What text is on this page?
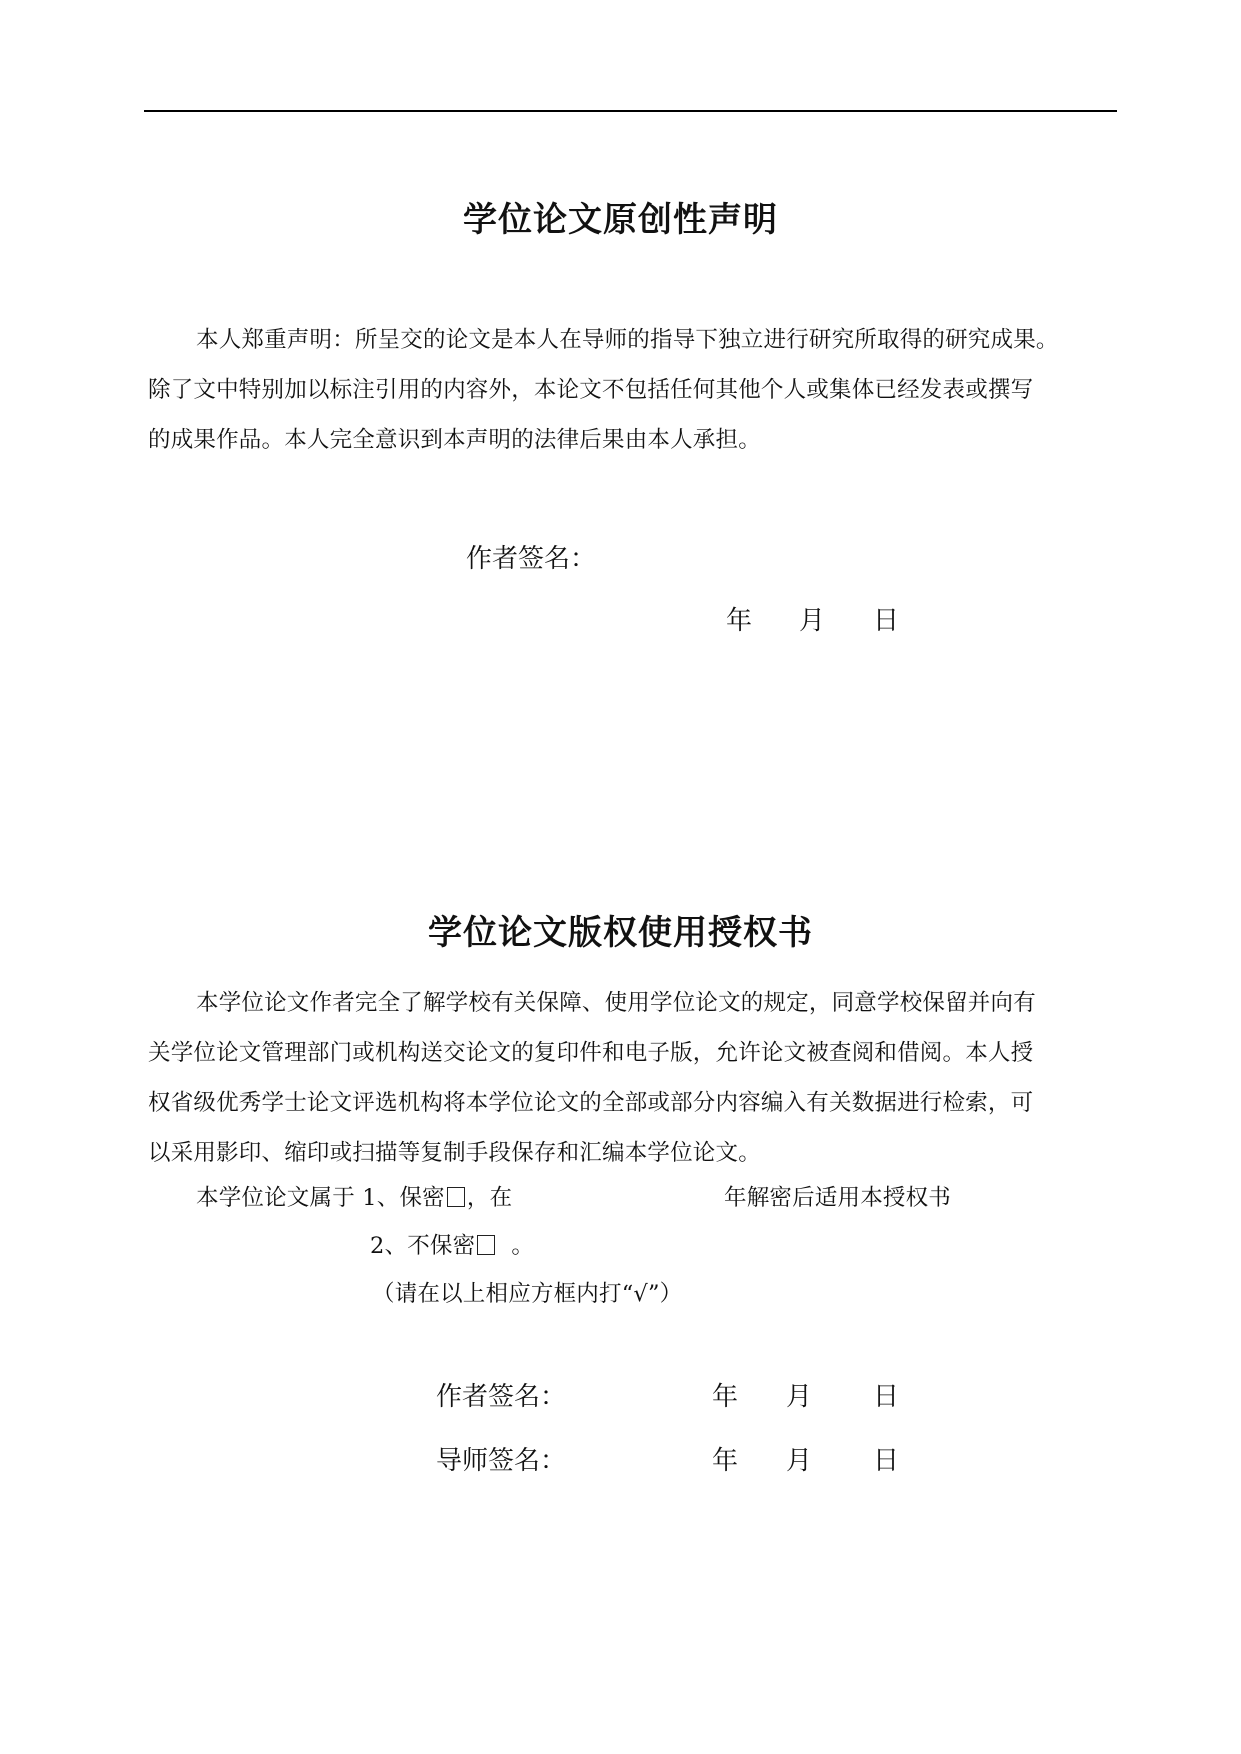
学位论文原创性声明
本人郑重声明：所呈交的论文是本人在导师的指导下独立进行研究所取得的研究成果。
除了文中特别加以标注引用的内容外，本论文不包括任何其他个人或集体已经发表或撰写
的成果作品。本人完全意识到本声明的法律后果由本人承担。
作者签名：
年 月 日
学位论文版权使用授权书
本学位论文作者完全了解学校有关保障、使用学位论文的规定，同意学校保留并向有
关学位论文管理部门或机构送交论文的复印件和电子版，允许论文被查阅和借阅。本人授
权省级优秀学士论文评选机构将本学位论文的全部或部分内容编入有关数据进行检索，可
以采用影印、缩印或扫描等复制手段保存和汇编本学位论文。
本学位论文属于 1、保密 ，在	年解密后适用本授权书
2、不保密 。
（请在以上相应方框内打“√”）
作者签名：	年 月 日
导师签名：	年 月 日
